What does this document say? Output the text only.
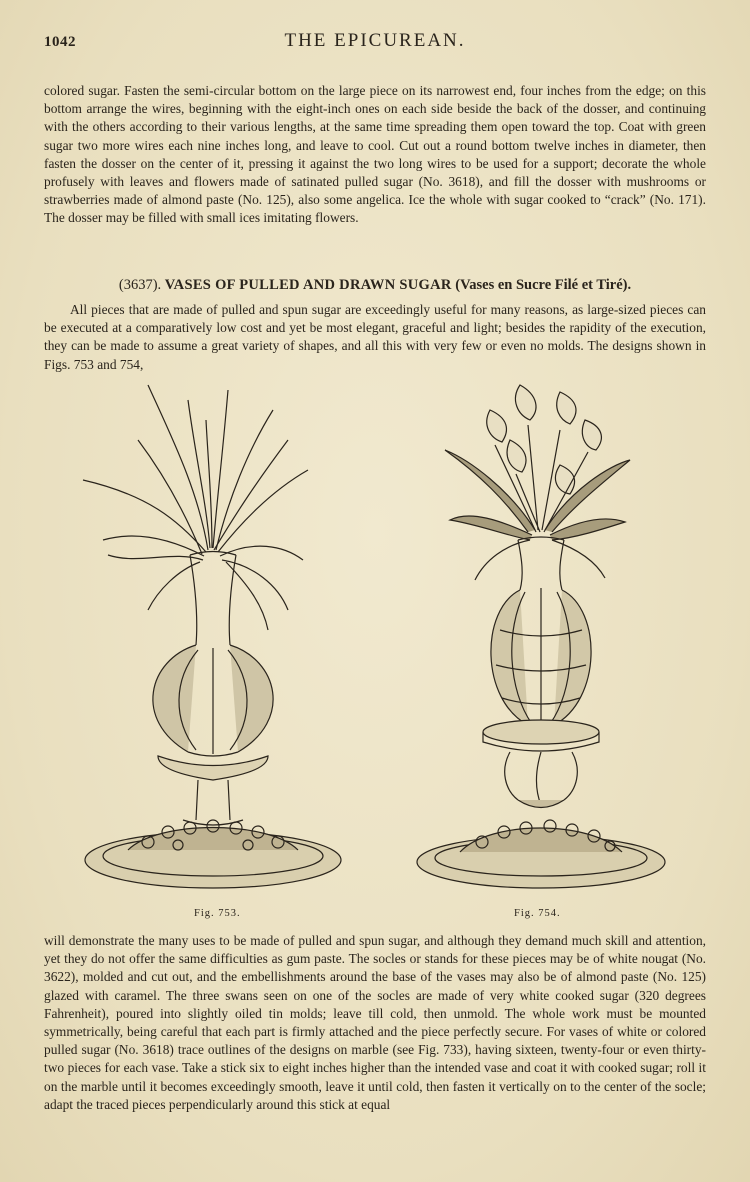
1042	THE EPICUREAN.

colored sugar. Fasten the semi-circular bottom on the large piece on its narrowest end, four inches from the edge; on this bottom arrange the wires, beginning with the eight-inch ones on each side beside the back of the dosser, and continuing with the others according to their various lengths, at the same time spreading them open toward the top. Coat with green sugar two more wires each nine inches long, and leave to cool. Cut out a round bottom twelve inches in diameter, then fasten the dosser on the center of it, pressing it against the two long wires to be used for a support; decorate the whole profusely with leaves and flowers made of satinated pulled sugar (No. 3618), and fill the dosser with mushrooms or strawberries made of almond paste (No. 125), also some angelica. Ice the whole with sugar cooked to “crack” (No. 171). The dosser may be filled with small ices imitating flowers.

(3637). VASES OF PULLED AND DRAWN SUGAR (Vases en Sucre Filé et Tiré).

All pieces that are made of pulled and spun sugar are exceedingly useful for many reasons, as large-sized pieces can be executed at a comparatively low cost and yet be most elegant, graceful and light; besides the rapidity of the execution, they can be made to assume a great variety of shapes, and all this with very few or even no molds. The designs shown in Figs. 753 and 754,

Fig. 753.	Fig. 754.

will demonstrate the many uses to be made of pulled and spun sugar, and although they demand much skill and attention, yet they do not offer the same difficulties as gum paste. The socles or stands for these pieces may be of white nougat (No. 3622), molded and cut out, and the embellishments around the base of the vases may also be of almond paste (No. 125) glazed with caramel. The three swans seen on one of the socles are made of very white cooked sugar (320 degrees Fahrenheit), poured into slightly oiled tin molds; leave till cold, then unmold. The whole work must be mounted symmetrically, being careful that each part is firmly attached and the piece perfectly secure. For vases of white or colored pulled sugar (No. 3618) trace outlines of the designs on marble (see Fig. 733), having sixteen, twenty-four or even thirty-two pieces for each vase. Take a stick six to eight inches higher than the intended vase and coat it with cooked sugar; roll it on the marble until it becomes exceedingly smooth, leave it until cold, then fasten it vertically on to the center of the socle; adapt the traced pieces perpendicularly around this stick at equal
